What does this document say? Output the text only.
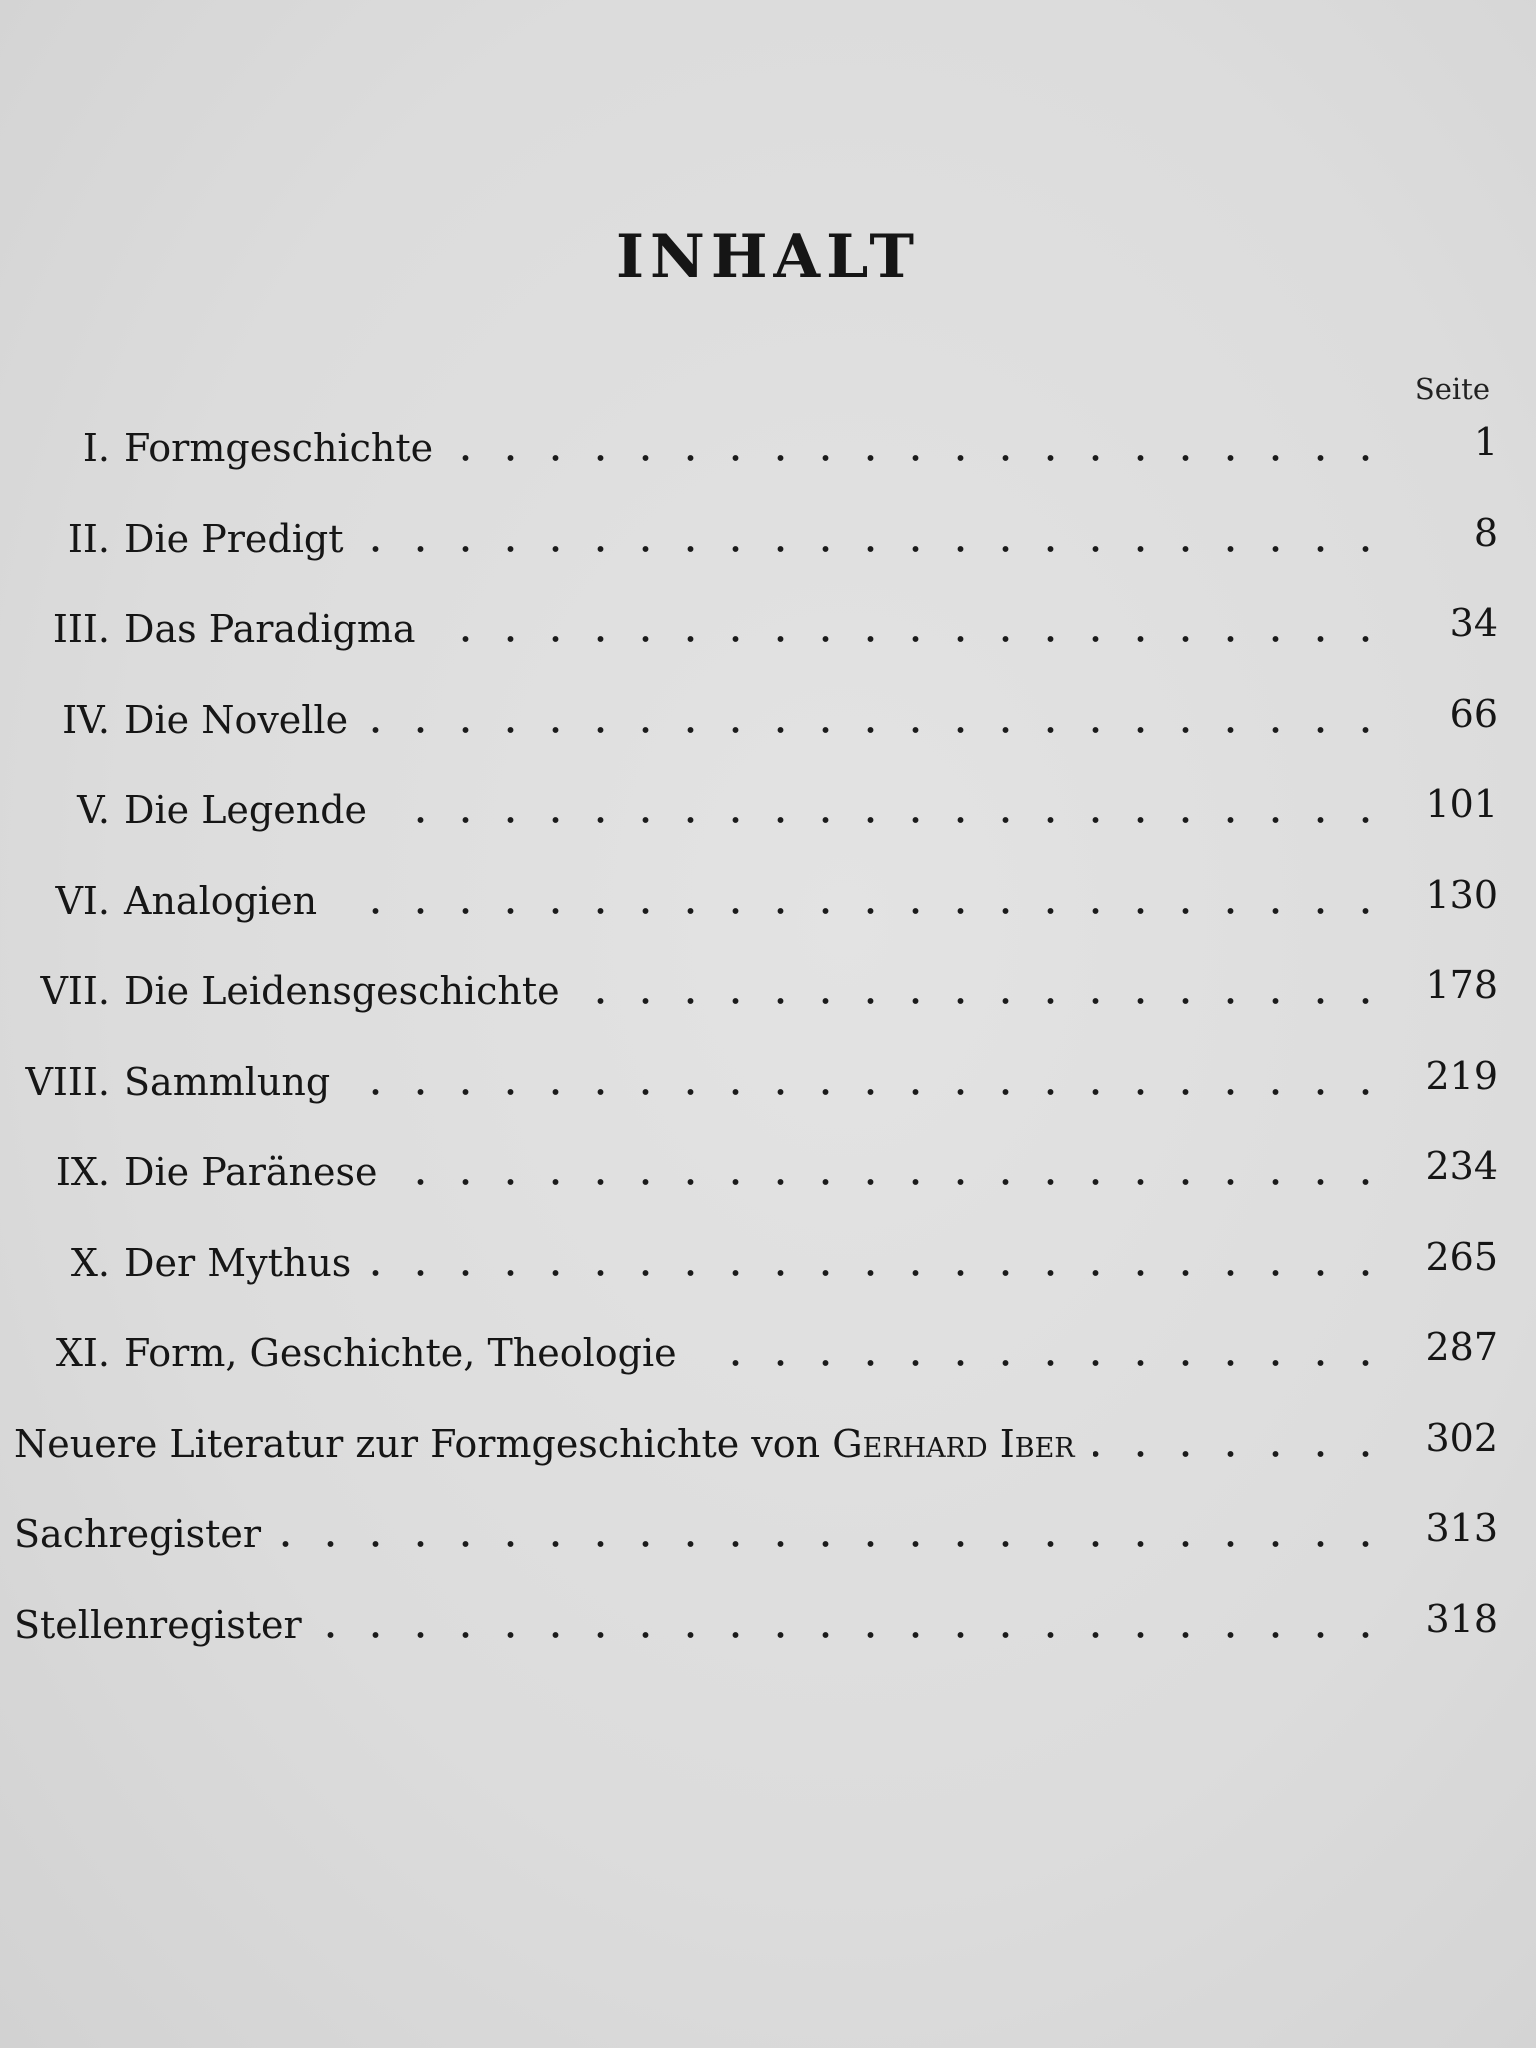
INHALT
Seite
I. Formgeschichte	1
II. Die Predigt	8
III. Das Paradigma	34
IV. Die Novelle	66
V. Die Legende	101
VI. Analogien	130
VII. Die Leidensgeschichte	178
VIII. Sammlung	219
IX. Die Paränese	234
X. Der Mythus	265
XI. Form, Geschichte, Theologie	287
Neuere Literatur zur Formgeschichte von Gerhard Iber	302
Sachregister	313
Stellenregister	318
